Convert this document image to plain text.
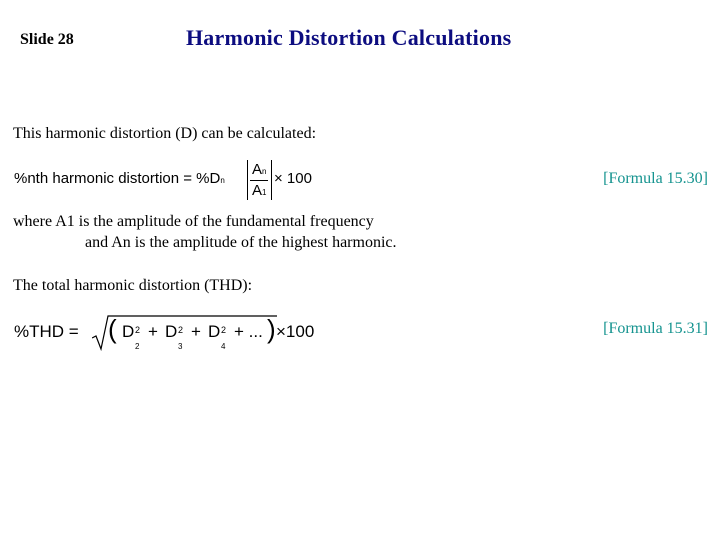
Slide 28	Harmonic Distortion Calculations
This harmonic distortion (D) can be calculated:
%nth harmonic distortion = %Dn
An
A1
× 100	[Formula 15.30]
where A1 is the amplitude of the fundamental frequency
and An is the amplitude of the highest harmonic.
The total harmonic distortion (THD):
%THD = ( D 2
2
+ D 2
3
+ D 2
4
+ ... ) ×100	[Formula 15.31]
